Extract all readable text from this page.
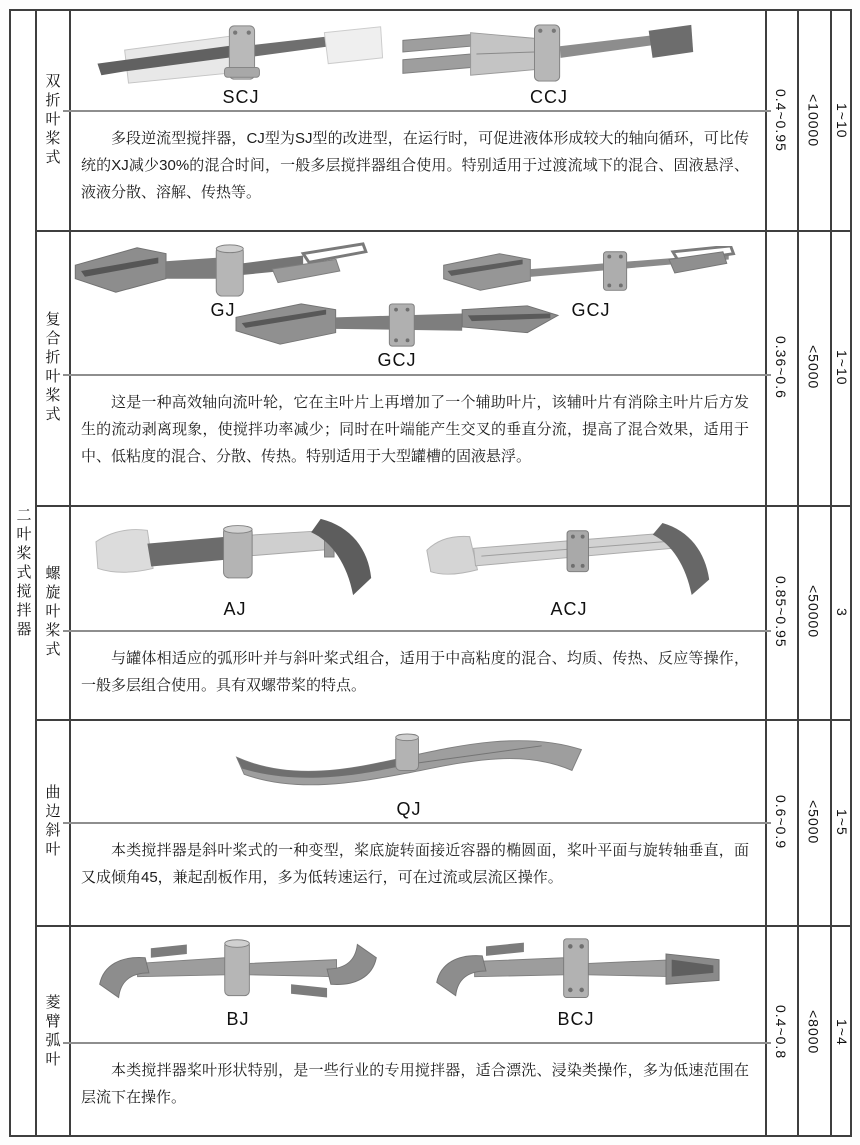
二叶桨式搅拌器
双折叶桨式	SCJ	CCJ

多段逆流型搅拌器，CJ型为SJ型的改进型，在运行时，可促进液体形成较大的轴向循环，可比传统的XJ减少30%的混合时间，一般多层搅拌器组合使用。特别适用于过渡流域下的混合、固液悬浮、液液分散、溶解、传热等。

0.4~0.95 <10000 1~10
复合折叶桨式
GJ	GCJ
GCJ

这是一种高效轴向流叶轮，它在主叶片上再增加了一个辅助叶片，该辅叶片有消除主叶片后方发生的流动剥离现象，使搅拌功率减少；同时在叶端能产生交叉的垂直分流，提高了混合效果，适用于中、低粘度的混合、分散、传热。特别适用于大型罐槽的固液悬浮。

0.36~0.6 <5000 1~10
螺旋叶桨式	AJ	ACJ

与罐体相适应的弧形叶并与斜叶桨式组合，适用于中高粘度的混合、均质、传热、反应等操作，一般多层组合使用。具有双螺带桨的特点。

0.85~0.95 <50000 3
曲边斜叶	QJ

本类搅拌器是斜叶桨式的一种变型，桨底旋转面接近容器的椭圆面，桨叶平面与旋转轴垂直，面又成倾角45，兼起刮板作用，多为低转速运行，可在过流或层流区操作。

0.6~0.9 <5000 1~5
菱臂弧叶	BJ	BCJ

本类搅拌器桨叶形状特别，是一些行业的专用搅拌器，适合漂洗、浸染类操作，多为低速范围在层流下在操作。

0.4~0.8 <8000 1~4
